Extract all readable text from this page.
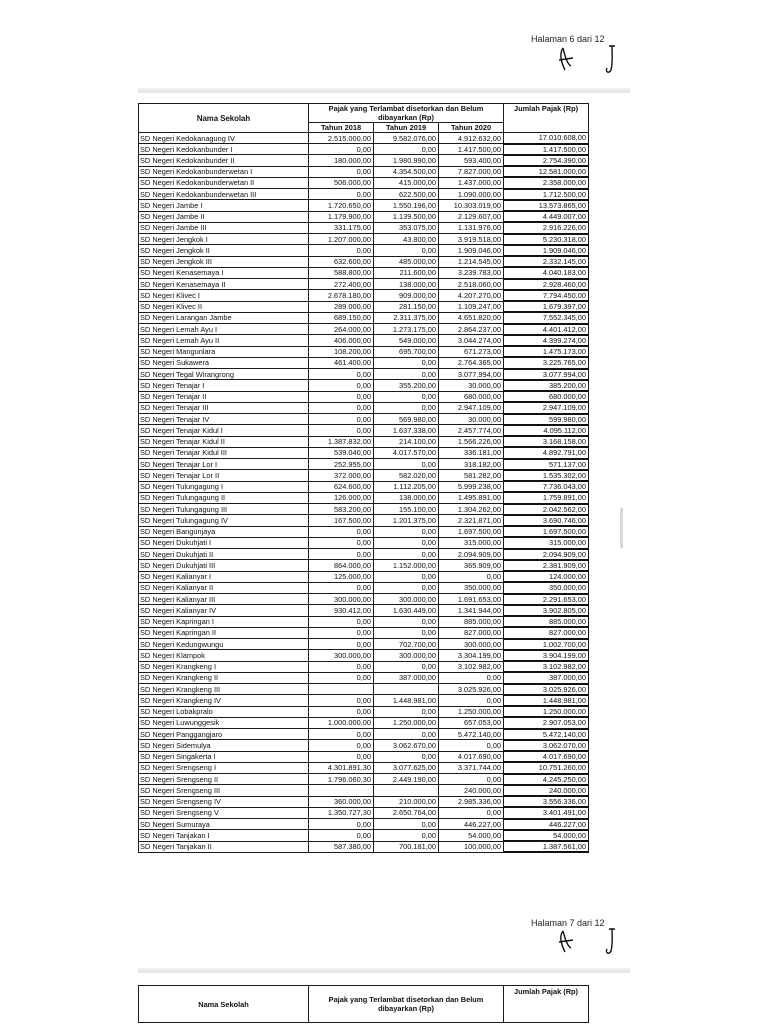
Halaman 6 dari 12
Nama Sekolah	Pajak yang Terlambat disetorkan dan Belum dibayarkan (Rp)			Jumlah Pajak (Rp)
	Tahun 2018	Tahun 2019	Tahun 2020	
SD Negeri Kedokanagung IV	2.515.000,00	9.582.076,00	4.912.632,00	17.010.608,00
SD Negeri Kedokanbunder I	0,00	0,00	1.417.500,00	1.417.500,00
SD Negeri Kedokanbunder II	180.000,00	1.980.990,00	593.400,00	2.754.390,00
SD Negeri Kedokanbunderwetan I	0,00	4.354.500,00	7.827.000,00	12.581.000,00
SD Negeri Kedokanbunderwetan II	506.000,00	415.000,00	1.437.000,00	2.358.000,00
SD Negeri Kedokanbunderwetan III	0,00	622.500,00	1.090.000,00	1.712.500,00
SD Negeri Jambe I	1.720.650,00	1.550.196,00	10.303.019,00	13.573.865,00
SD Negeri Jambe II	1.179.900,00	1.139.500,00	2.129.607,00	4.449.007,00
SD Negeri Jambe III	331.175,00	353.075,00	1.131.976,00	2.916.226,00
SD Negeri Jengkok I	1.207.000,00	43.800,00	3.919.518,00	5.230.318,00
SD Negeri Jengkok II	0,00	0,00	1.909.046,00	1.909.046,00
SD Negeri Jengkok III	632.600,00	485.000,00	1.214.545,00	2.332.145,00
SD Negeri Kenasemaya I	588.800,00	211.600,00	3.239.783,00	4.040.183,00
SD Negeri Kenasemaya II	272.400,00	138.000,00	2.518.060,00	2.928.460,00
SD Negeri Klivec I	2.678.180,00	909.000,00	4.207.270,00	7.794.450,00
SD Negeri Klivec II	289.000,00	281.150,00	1.109.247,00	1.679.397,00
SD Negeri Larangan Jambe	689.150,00	2.311.375,00	4.651.820,00	7.552.345,00
SD Negeri Lemah Ayu I	264.000,00	1.273.175,00	2.864.237,00	4.401.412,00
SD Negeri Lemah Ayu II	406.000,00	549.000,00	3.044.274,00	4.399.274,00
SD Negeri Mangunlara	108.200,00	695.700,00	671.273,00	1.475.173,00
SD Negeri Sukawera	461.400,00	0,00	2.764.365,00	3.225.765,00
SD Negeri Tegal Wirangrong	0,00	0,00	3.077.994,00	3.077.994,00
SD Negeri Tenajar I	0,00	355.200,00	30.000,00	385.200,00
SD Negeri Tenajar II	0,00	0,00	680.000,00	680.000,00
SD Negeri Tenajar III	0,00	0,00	2.947.109,00	2.947.109,00
SD Negeri Tenajar IV	0,00	569.980,00	30.000,00	599.980,00
SD Negeri Tenajar Kidul I	0,00	1.637.338,00	2.457.774,00	4.095.112,00
SD Negeri Tenajar Kidul II	1.387.832,00	214.100,00	1.566.226,00	3.168.158,00
SD Negeri Tenajar Kidul III	539.040,00	4.017.570,00	336.181,00	4.892.791,00
SD Negeri Tenajar Lor I	252.955,00	0,00	318.182,00	571.137,00
SD Negeri Tenajar Lor II	372.000,00	582.020,00	581.282,00	1.535.302,00
SD Negeri Tulungagung I	624.600,00	1.112.205,00	5.999.238,00	7.736.043,00
SD Negeri Tulungagung II	126.000,00	138.000,00	1.495.891,00	1.759.891,00
SD Negeri Tulungagung III	583.200,00	155.100,00	1.304.262,00	2.042.562,00
SD Negeri Tulungagung IV	167.500,00	1.201.375,00	2.321.871,00	3.690.746,00
SD Negeri Bangunjaya	0,00	0,00	1.697.500,00	1.697.500,00
SD Negeri Dukuhjati I	0,00	0,00	315.000,00	315.000,00
SD Negeri Dukuhjati II	0,00	0,00	2.094.909,00	2.094.909,00
SD Negeri Dukuhjati III	864.000,00	1.152.000,00	365.909,00	2.381.909,00
SD Negeri Kalianyar I	125.000,00	0,00	0,00	124.000,00
SD Negeri Kalianyar II	0,00	0,00	350.000,00	350.000,00
SD Negeri Kalianyar III	300.000,00	300.000,00	1.691.653,00	2.291.653,00
SD Negeri Kalianyar IV	930.412,00	1.630.449,00	1.341.944,00	3.902.805,00
SD Negeri Kapringan I	0,00	0,00	885.000,00	885.000,00
SD Negeri Kapringan II	0,00	0,00	827.000,00	827.000,00
SD Negeri Kedungwungu	0,00	702.700,00	300.000,00	1.002.700,00
SD Negeri Klampok	300.000,00	300.000,00	3.304.199,00	3.904.199,00
SD Negeri Krangkeng I	0,00	0,00	3.102.982,00	3.102.982,00
SD Negeri Krangkeng II	0,00	387.000,00	0,00	387.000,00
SD Negeri Krangkeng III			3.025.926,00	3.025.926,00
SD Negeri Krangkeng IV	0,00	1.448.981,00	0,00	1.448.981,00
SD Negeri Lobakpralo	0,00	0,00	1.250.000,00	1.250.000,00
SD Negeri Luwunggesik	1.000.000,00	1.250.000,00	657.053,00	2.907.053,00
SD Negeri Panggangjaro	0,00	0,00	5.472.140,00	5.472.140,00
SD Negeri Sidemulya	0,00	3.062.670,00	0,00	3.062.070,00
SD Negeri Singakerta I	0,00	0,00	4.017.690,00	4.017.690,00
SD Negeri Srengseng I	4.301.891,30	3.077.625,00	3.371.744,00	10.751.260,00
SD Negeri Srengseng II	1.796.060,30	2.449.190,00	0,00	4.245.250,00
SD Negeri Srengseng III			240.000,00	240.000,00
SD Negeri Srengseng IV	360.000,00	210.000,00	2.985.336,00	3.556.336,00
SD Negeri Srengseng V	1.350.727,30	2.650.764,00	0,00	3.401.491,00
SD Negeri Sumuraya	0,00	0,00	446.227,00	446.227,00
SD Negeri Tanjakan I	0,00	0,00	54.000,00	54.000,00
SD Negeri Tanjakan II	587.380,00	700.181,00	100.000,00	1.387.561,00
Halaman 7 dari 12
Nama Sekolah	Pajak yang Terlambat disetorkan dan Belum dibayarkan (Rp)	Jumlah Pajak (Rp)
